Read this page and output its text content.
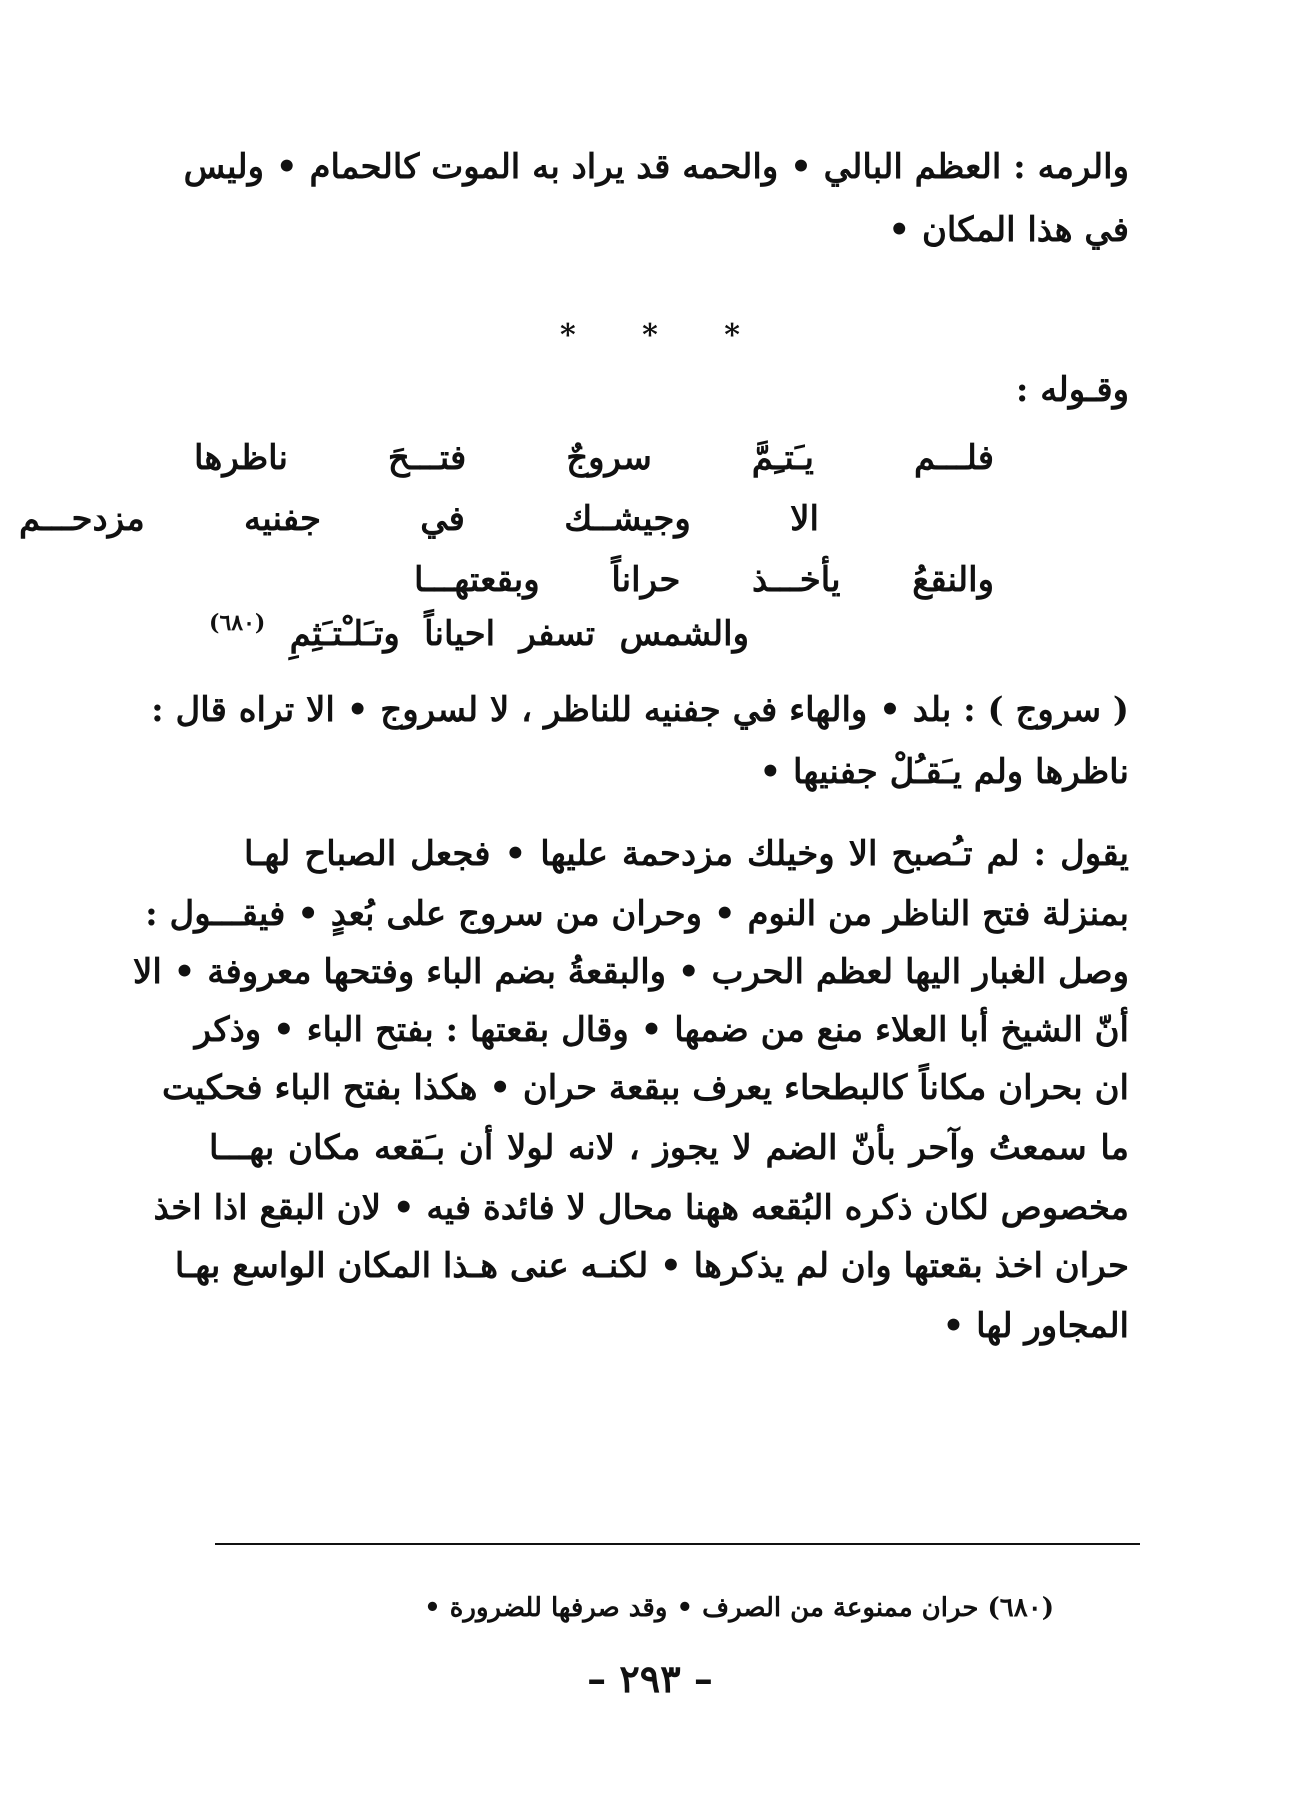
والرمه : العظم البالي • والحمه قد يراد به الموت كالحمام • وليس
في هذا المكان •
*
*
*
وقـوله :
فلـــم
يـَتـِمَّ
سروجٌ
فتـــحَ
ناظرها
الا
وجيشــك
في
جفنيه
مزدحـــم
والنقعُ
يأخـــذ
حراناً
وبقعتهـــا
والشمس
تسفر
احياناً
وتـَلـْتـَثِمِ
(٦٨٠)
( سروج ) : بلد • والهاء في جفنيه للناظر ، لا لسروج • الا تراه قال :
ناظرها ولم يـَقـُلْ جفنيها •
يقول : لم تـُصبح الا وخيلك مزدحمة عليها • فجعل الصباح لهـا
بمنزلة فتح الناظر من النوم • وحران من سروج على بُعدٍ • فيقـــول :
وصل الغبار اليها لعظم الحرب • والبقعةُ بضم الباء وفتحها معروفة • الا
أنّ الشيخ أبا العلاء منع من ضمها • وقال بقعتها : بفتح الباء • وذكر
ان بحران مكاناً كالبطحاء يعرف ببقعة حران • هكذا بفتح الباء فحكيت
ما سمعتُ وآحر بأنّ الضم لا يجوز ، لانه لولا أن بـَقعه مكان بهـــا
مخصوص لكان ذكره البُقعه ههنا محال لا فائدة فيه • لان البقع اذا اخذ
حران اخذ بقعتها وان لم يذكرها • لكنـه عنى هـذا المكان الواسع بهـا
المجاور لها •
(٦٨٠) حران ممنوعة من الصرف • وقد صرفها للضرورة •
– ٢٩٣ –
